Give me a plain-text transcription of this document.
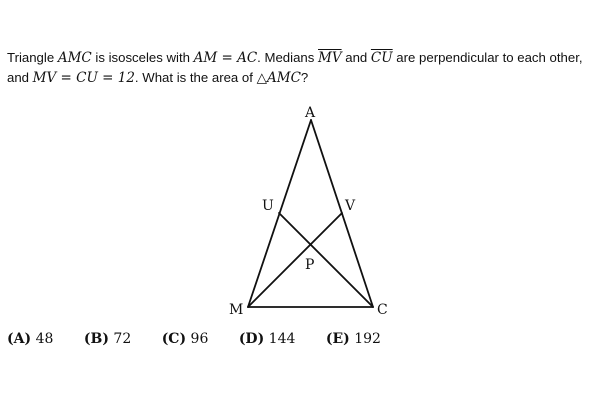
Triangle AMC is isosceles with AM = AC. Medians $\overline{MV}$ and $\overline{CU}$ are perpendicular to each other,
and MV = CU = 12. What is the area of △AMC?
A
M	C
U	V
P
(A) 48 (B) 72 (C) 96 (D) 144 (E) 192
